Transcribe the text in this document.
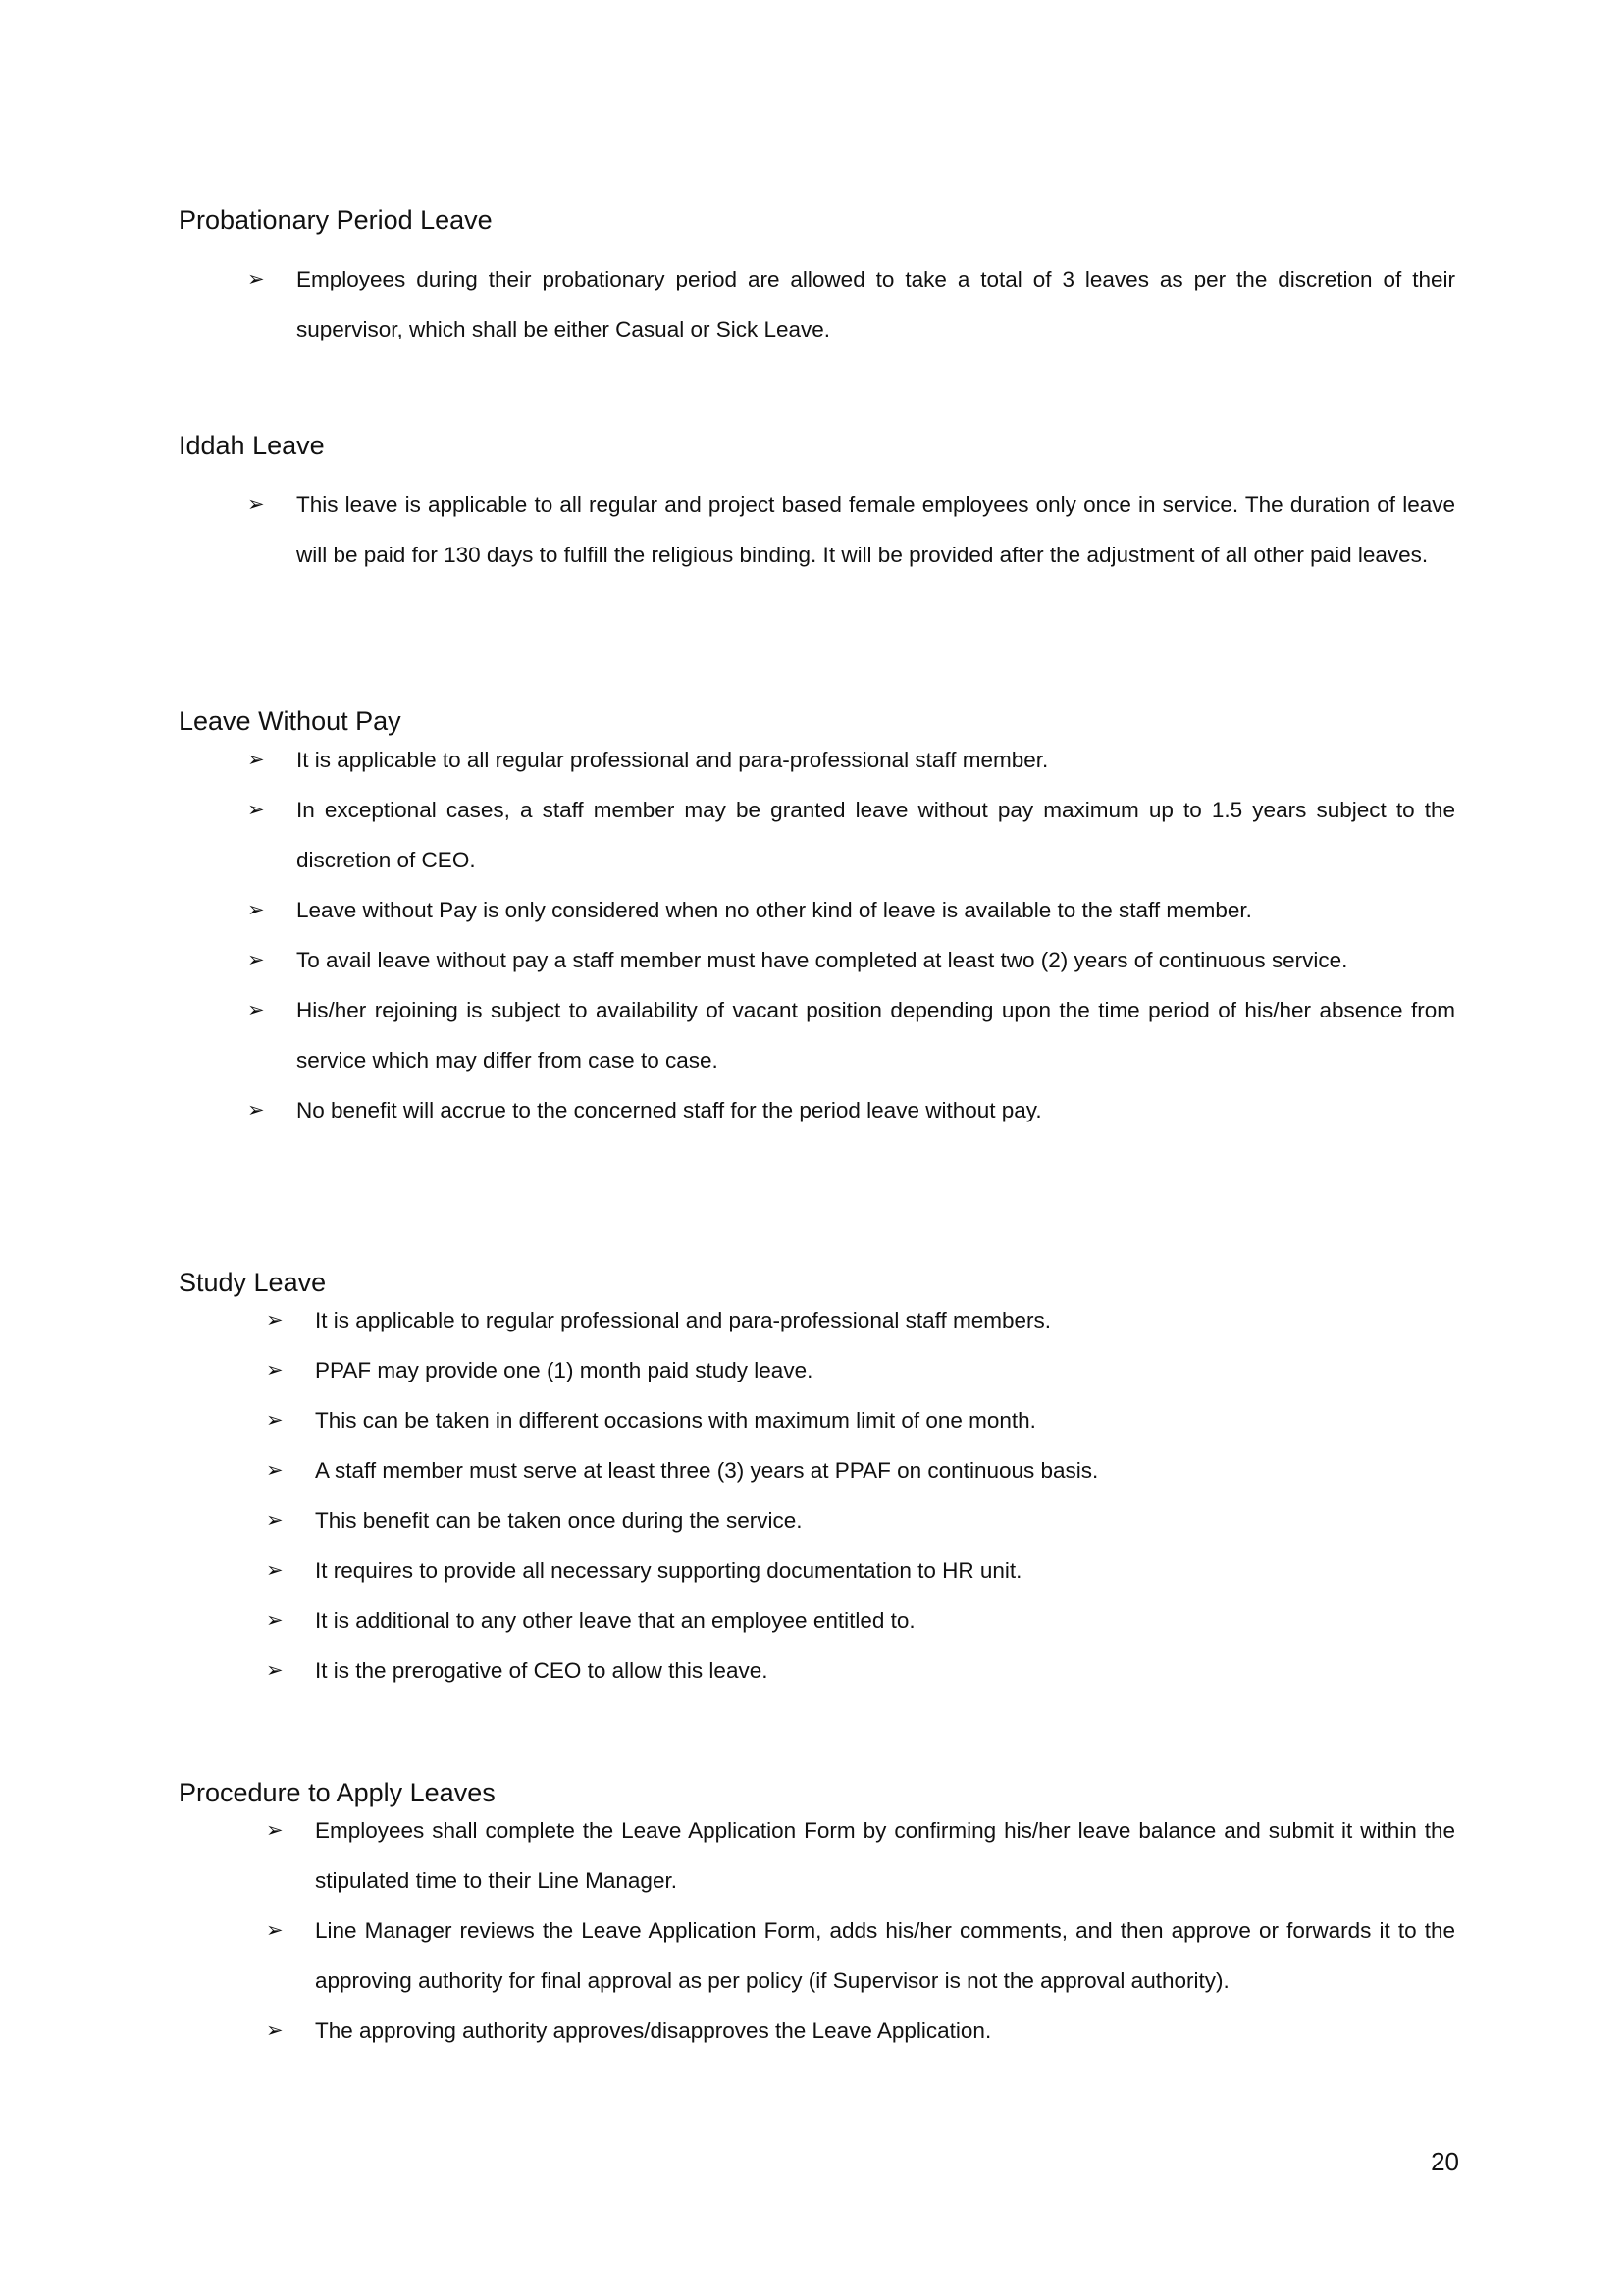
Probationary Period Leave
➢ Employees during their probationary period are allowed to take a total of 3 leaves as per the discretion of their supervisor, which shall be either Casual or Sick Leave.
Iddah Leave
➢ This leave is applicable to all regular and project based female employees only once in service. The duration of leave will be paid for 130 days to fulfill the religious binding. It will be provided after the adjustment of all other paid leaves.
Leave Without Pay
➢ It is applicable to all regular professional and para-professional staff member.
➢ In exceptional cases, a staff member may be granted leave without pay maximum up to 1.5 years subject to the discretion of CEO.
➢ Leave without Pay is only considered when no other kind of leave is available to the staff member.
➢ To avail leave without pay a staff member must have completed at least two (2) years of continuous service.
➢ His/her rejoining is subject to availability of vacant position depending upon the time period of his/her absence from service which may differ from case to case.
➢ No benefit will accrue to the concerned staff for the period leave without pay.
Study Leave
➢ It is applicable to regular professional and para-professional staff members.
➢ PPAF may provide one (1) month paid study leave.
➢ This can be taken in different occasions with maximum limit of one month.
➢ A staff member must serve at least three (3) years at PPAF on continuous basis.
➢ This benefit can be taken once during the service.
➢ It requires to provide all necessary supporting documentation to HR unit.
➢ It is additional to any other leave that an employee entitled to.
➢ It is the prerogative of CEO to allow this leave.
Procedure to Apply Leaves
➢ Employees shall complete the Leave Application Form by confirming his/her leave balance and submit it within the stipulated time to their Line Manager.
➢ Line Manager reviews the Leave Application Form, adds his/her comments, and then approve or forwards it to the approving authority for final approval as per policy (if Supervisor is not the approval authority).
➢ The approving authority approves/disapproves the Leave Application.
20
